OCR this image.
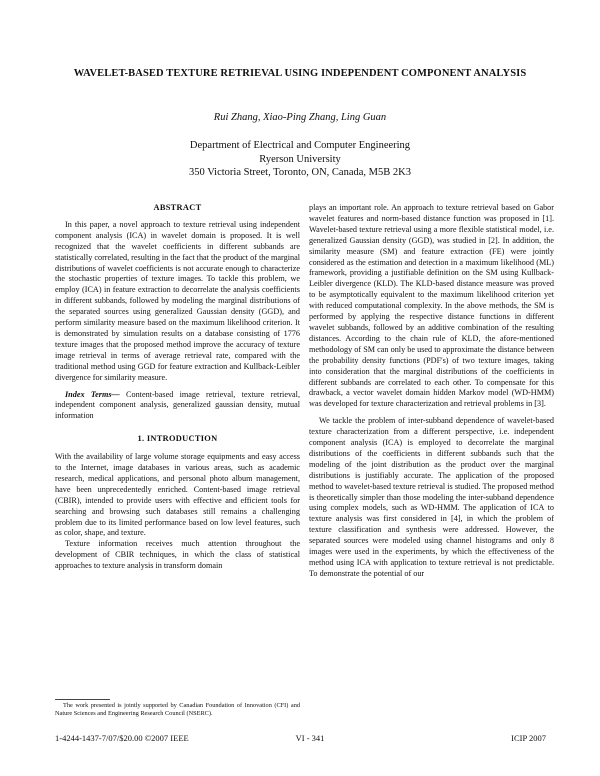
WAVELET-BASED TEXTURE RETRIEVAL USING INDEPENDENT COMPONENT ANALYSIS
Rui Zhang, Xiao-Ping Zhang, Ling Guan
Department of Electrical and Computer Engineering
Ryerson University
350 Victoria Street, Toronto, ON, Canada, M5B 2K3
ABSTRACT

In this paper, a novel approach to texture retrieval using independent component analysis (ICA) in wavelet domain is proposed. It is well recognized that the wavelet coefficients in different subbands are statistically correlated, resulting in the fact that the product of the marginal distributions of wavelet coefficients is not accurate enough to characterize the stochastic properties of texture images. To tackle this problem, we employ (ICA) in feature extraction to decorrelate the analysis coefficients in different subbands, followed by modeling the marginal distributions of the separated sources using generalized Gaussian density (GGD), and perform similarity measure based on the maximum likelihood criterion. It is demonstrated by simulation results on a database consisting of 1776 texture images that the proposed method improve the accuracy of texture image retrieval in terms of average retrieval rate, compared with the traditional method using GGD for feature extraction and Kullback-Leibler divergence for similarity measure.

Index Terms— Content-based image retrieval, texture retrieval, independent component analysis, generalized gaussian density, mutual information

1. INTRODUCTION

With the availability of large volume storage equipments and easy access to the Internet, image databases in various areas, such as academic research, medical applications, and personal photo album management, have been unprecedentedly enriched. Content-based image retrieval (CBIR), intended to provide users with effective and efficient tools for searching and browsing such databases still remains a challenging problem due to its limited performance based on low level features, such as color, shape, and texture.

Texture information receives much attention throughout the development of CBIR techniques, in which the class of statistical approaches to texture analysis in transform domain

plays an important role. An approach to texture retrieval based on Gabor wavelet features and norm-based distance function was proposed in [1]. Wavelet-based texture retrieval using a more flexible statistical model, i.e. generalized Gaussian density (GGD), was studied in [2]. In addition, the similarity measure (SM) and feature extraction (FE) were jointly considered as the estimation and detection in a maximum likelihood (ML) framework, providing a justifiable definition on the SM using Kullback-Leibler divergence (KLD). The KLD-based distance measure was proved to be asymptotically equivalent to the maximum likelihood criterion yet with reduced computational complexity. In the above methods, the SM is performed by applying the respective distance functions in different wavelet subbands, followed by an additive combination of the resulting distances. According to the chain rule of KLD, the afore-mentioned methodology of SM can only be used to approximate the distance between the probability density functions (PDF's) of two texture images, taking into consideration that the marginal distributions of the coefficients in different subbands are correlated to each other. To compensate for this drawback, a vector wavelet domain hidden Markov model (WD-HMM) was developed for texture characterization and retrieval problems in [3].

We tackle the problem of inter-subband dependence of wavelet-based texture characterization from a different perspective, i.e. independent component analysis (ICA) is employed to decorrelate the marginal distributions of the coefficients in different subbands such that the modeling of the joint distribution as the product over the marginal distributions is justifiably accurate. The application of the proposed method to wavelet-based texture retrieval is studied. The proposed method is theoretically simpler than those modeling the inter-subband dependence using complex models, such as WD-HMM. The application of ICA to texture analysis was first considered in [4], in which the problem of texture classification and synthesis were addressed. However, the separated sources were modeled using channel histograms and only 8 images were used in the experiments, by which the effectiveness of the method using ICA with application to texture retrieval is not predictable. To demonstrate the potential of our

The work presented is jointly supported by Canadian Foundation of Innovation (CFI) and Nature Sciences and Engineering Research Council (NSERC).
1-4244-1437-7/07/$20.00 ©2007 IEEE	VI - 341	ICIP 2007
